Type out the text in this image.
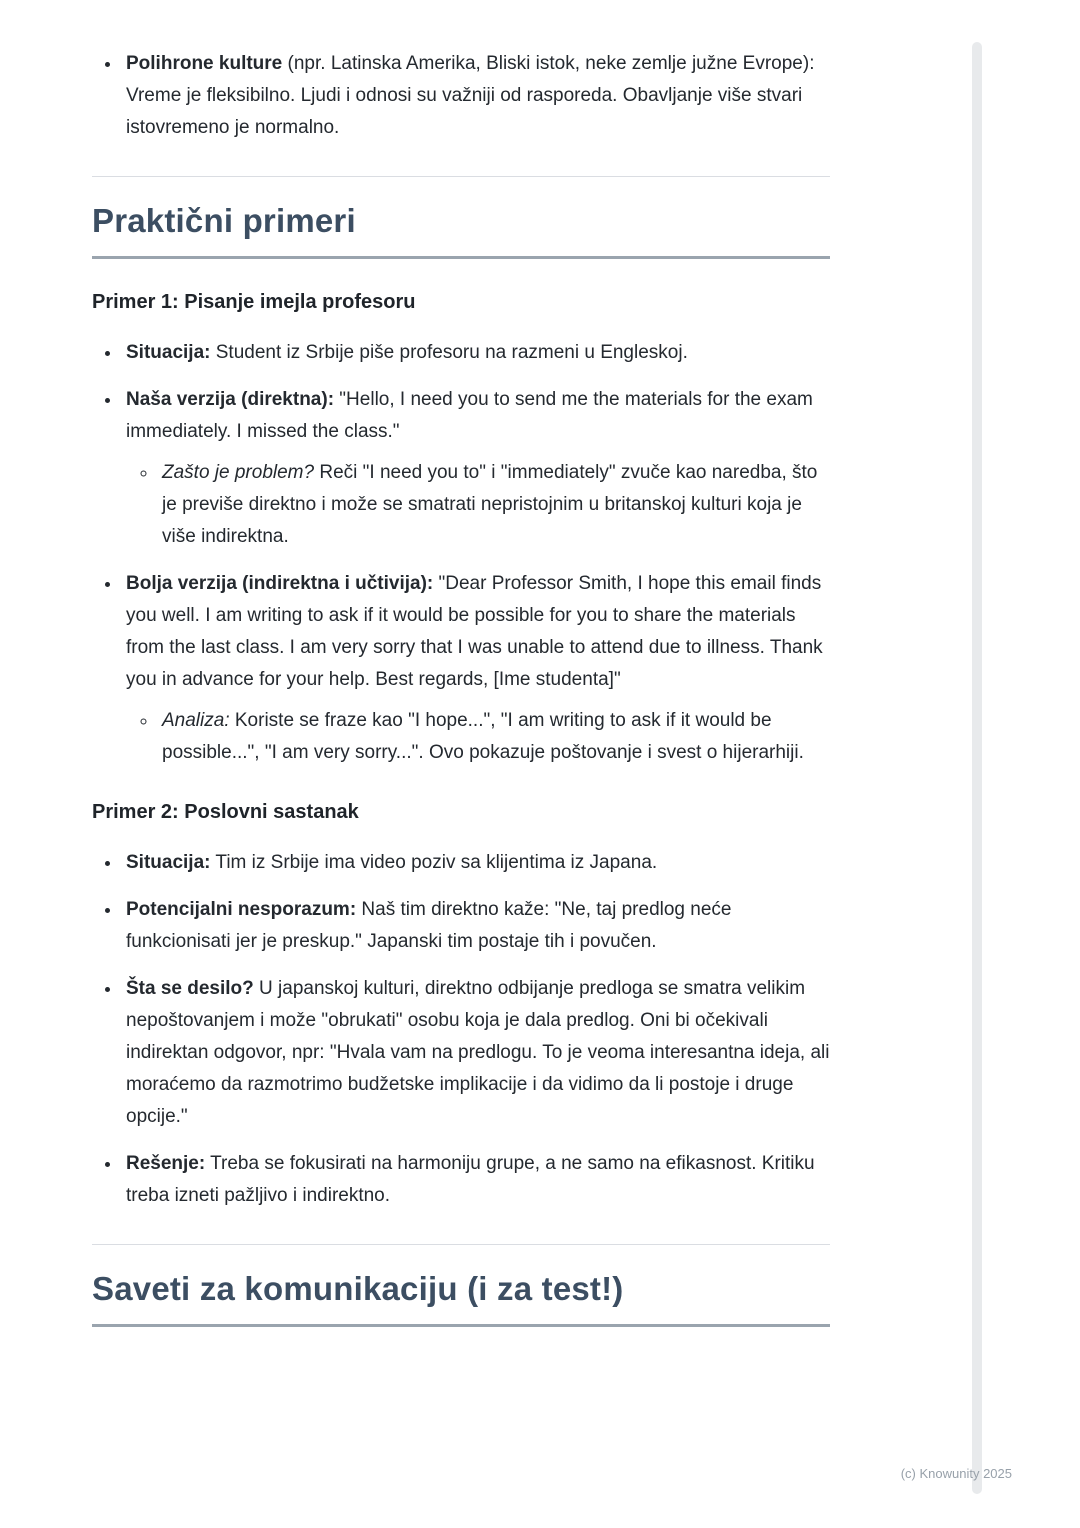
• Polihrone kulture (npr. Latinska Amerika, Bliski istok, neke zemlje južne Evrope): Vreme je fleksibilno. Ljudi i odnosi su važniji od rasporeda. Obavljanje više stvari istovremeno je normalno.
Praktični primeri
Primer 1: Pisanje imejla profesoru
• Situacija: Student iz Srbije piše profesoru na razmeni u Engleskoj.
• Naša verzija (direktna): "Hello, I need you to send me the materials for the exam immediately. I missed the class."
◦ Zašto je problem? Reči "I need you to" i "immediately" zvuče kao naredba, što je previše direktno i može se smatrati nepristojnim u britanskoj kulturi koja je više indirektna.
• Bolja verzija (indirektna i učtivija): "Dear Professor Smith, I hope this email finds you well. I am writing to ask if it would be possible for you to share the materials from the last class. I am very sorry that I was unable to attend due to illness. Thank you in advance for your help. Best regards, [Ime studenta]"
◦ Analiza: Koriste se fraze kao "I hope...", "I am writing to ask if it would be possible...", "I am very sorry...". Ovo pokazuje poštovanje i svest o hijerarhiji.
Primer 2: Poslovni sastanak
• Situacija: Tim iz Srbije ima video poziv sa klijentima iz Japana.
• Potencijalni nesporazum: Naš tim direktno kaže: "Ne, taj predlog neće funkcionisati jer je preskup." Japanski tim postaje tih i povučen.
• Šta se desilo? U japanskoj kulturi, direktno odbijanje predloga se smatra velikim nepoštovanjem i može "obrukati" osobu koja je dala predlog. Oni bi očekivali indirektan odgovor, npr: "Hvala vam na predlogu. To je veoma interesantna ideja, ali moraćemo da razmotrimo budžetske implikacije i da vidimo da li postoje i druge opcije."
• Rešenje: Treba se fokusirati na harmoniju grupe, a ne samo na efikasnost. Kritiku treba izneti pažljivo i indirektno.
Saveti za komunikaciju (i za test!)
(c) Knowunity 2025
